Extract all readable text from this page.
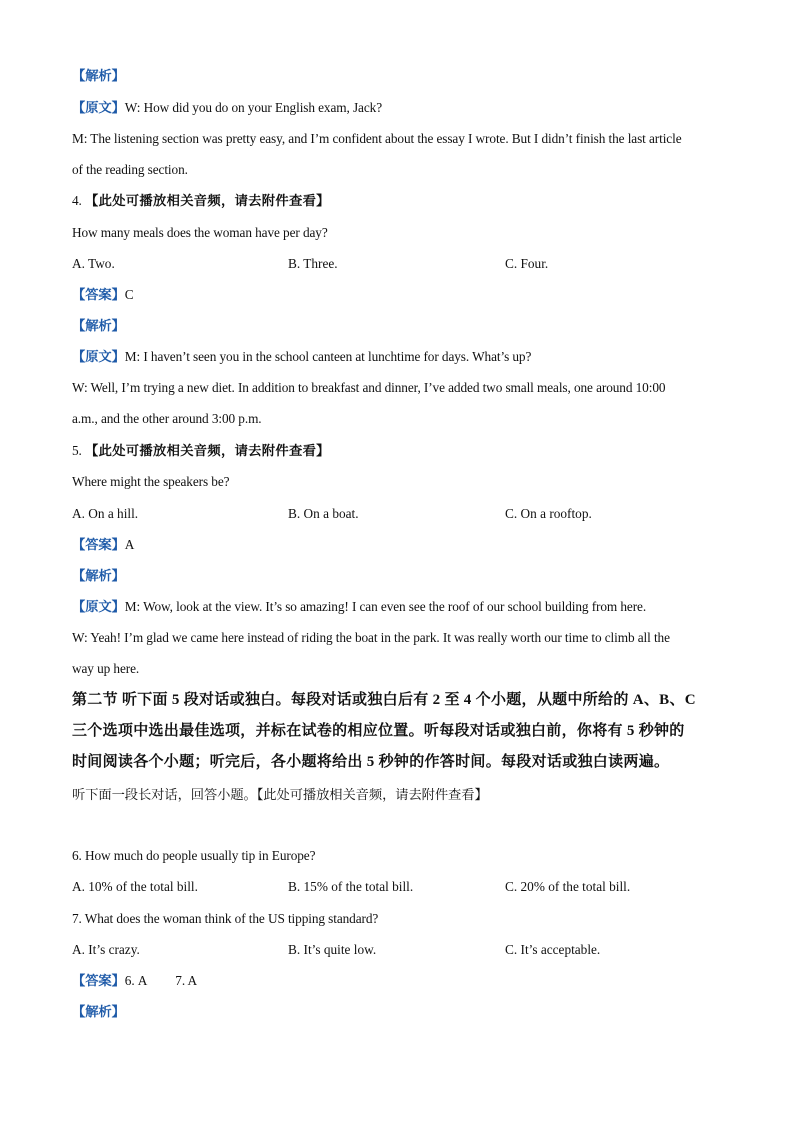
【解析】
【原文】W: How did you do on your English exam, Jack?
M: The listening section was pretty easy, and I’m confident about the essay I wrote. But I didn’t finish the last article
of the reading section.
4. 【此处可播放相关音频，请去附件查看】
How many meals does the woman have per day?
A. Two.	B. Three.	C. Four.
【答案】C
【解析】
【原文】M: I haven’t seen you in the school canteen at lunchtime for days. What’s up?
W: Well, I’m trying a new diet. In addition to breakfast and dinner, I’ve added two small meals, one around 10:00
a.m., and the other around 3:00 p.m.
5. 【此处可播放相关音频，请去附件查看】
Where might the speakers be?
A. On a hill.	B. On a boat.	C. On a rooftop.
【答案】A
【解析】
【原文】M: Wow, look at the view. It’s so amazing! I can even see the roof of our school building from here.
W: Yeah! I’m glad we came here instead of riding the boat in the park. It was really worth our time to climb all the
way up here.
第二节 听下面 5 段对话或独白。每段对话或独白后有 2 至 4 个小题，从题中所给的 A、B、C
三个选项中选出最佳选项，并标在试卷的相应位置。听每段对话或独白前，你将有 5 秒钟的
时间阅读各个小题；听完后，各小题将给出 5 秒钟的作答时间。每段对话或独白读两遍。
听下面一段长对话，回答小题。【此处可播放相关音频，请去附件查看】
6. How much do people usually tip in Europe?
A. 10% of the total bill.	B. 15% of the total bill.	C. 20% of the total bill.
7. What does the woman think of the US tipping standard?
A. It’s crazy.	B. It’s quite low.	C. It’s acceptable.
【答案】6. A 7. A
【解析】
